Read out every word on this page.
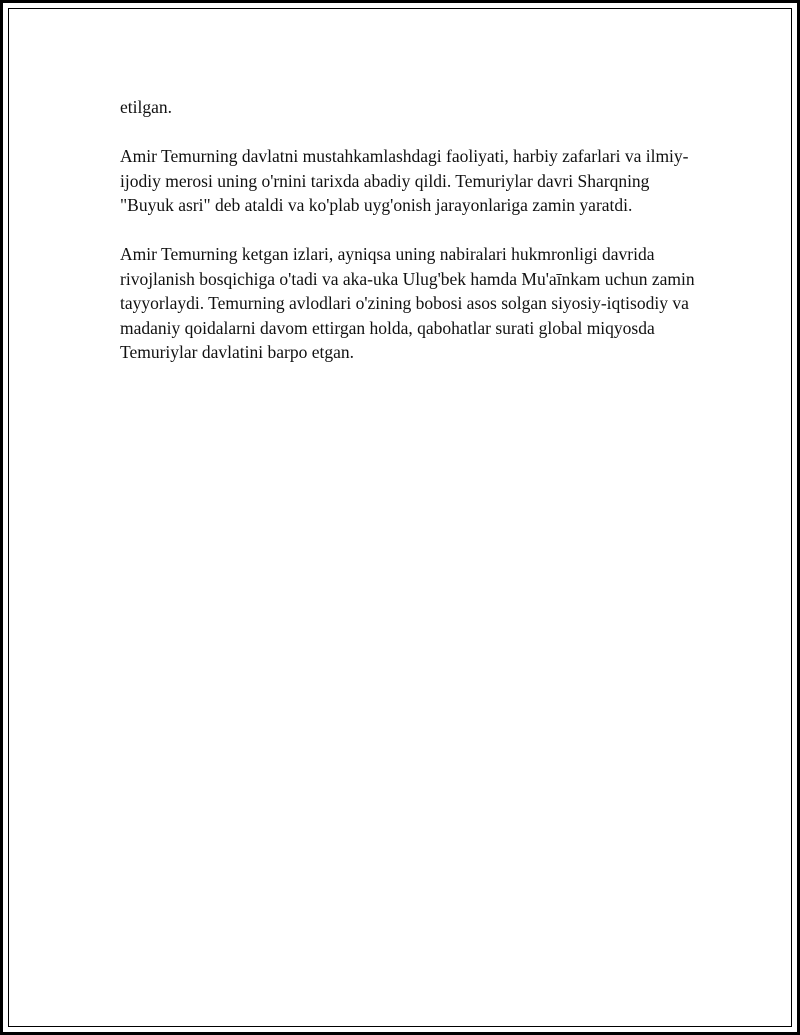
etilgan.

Amir Temurning davlatni mustahkamlashdagi faoliyati, harbiy zafarlari va ilmiy-ijodiy merosi uning o'rnini tarixda abadiy qildi. Temuriylar davri Sharqning "Buyuk asri" deb ataldi va ko'plab uyg'onish jarayonlariga zamin yaratdi.

Amir Temurning ketgan izlari, ayniqsa uning nabiralari hukmronligi davrida rivojlanish bosqichiga o'tadi va aka-uka Ulug'bek hamda Mu'aīnkam uchun zamin tayyorlaydi. Temurning avlodlari o'zining bobosi asos solgan siyosiy-iqtisodiy va madaniy qoidalarni davom ettirgan holda, qabohatlar surati global miqyosda Temuriylar davlatini barpo etgan.
